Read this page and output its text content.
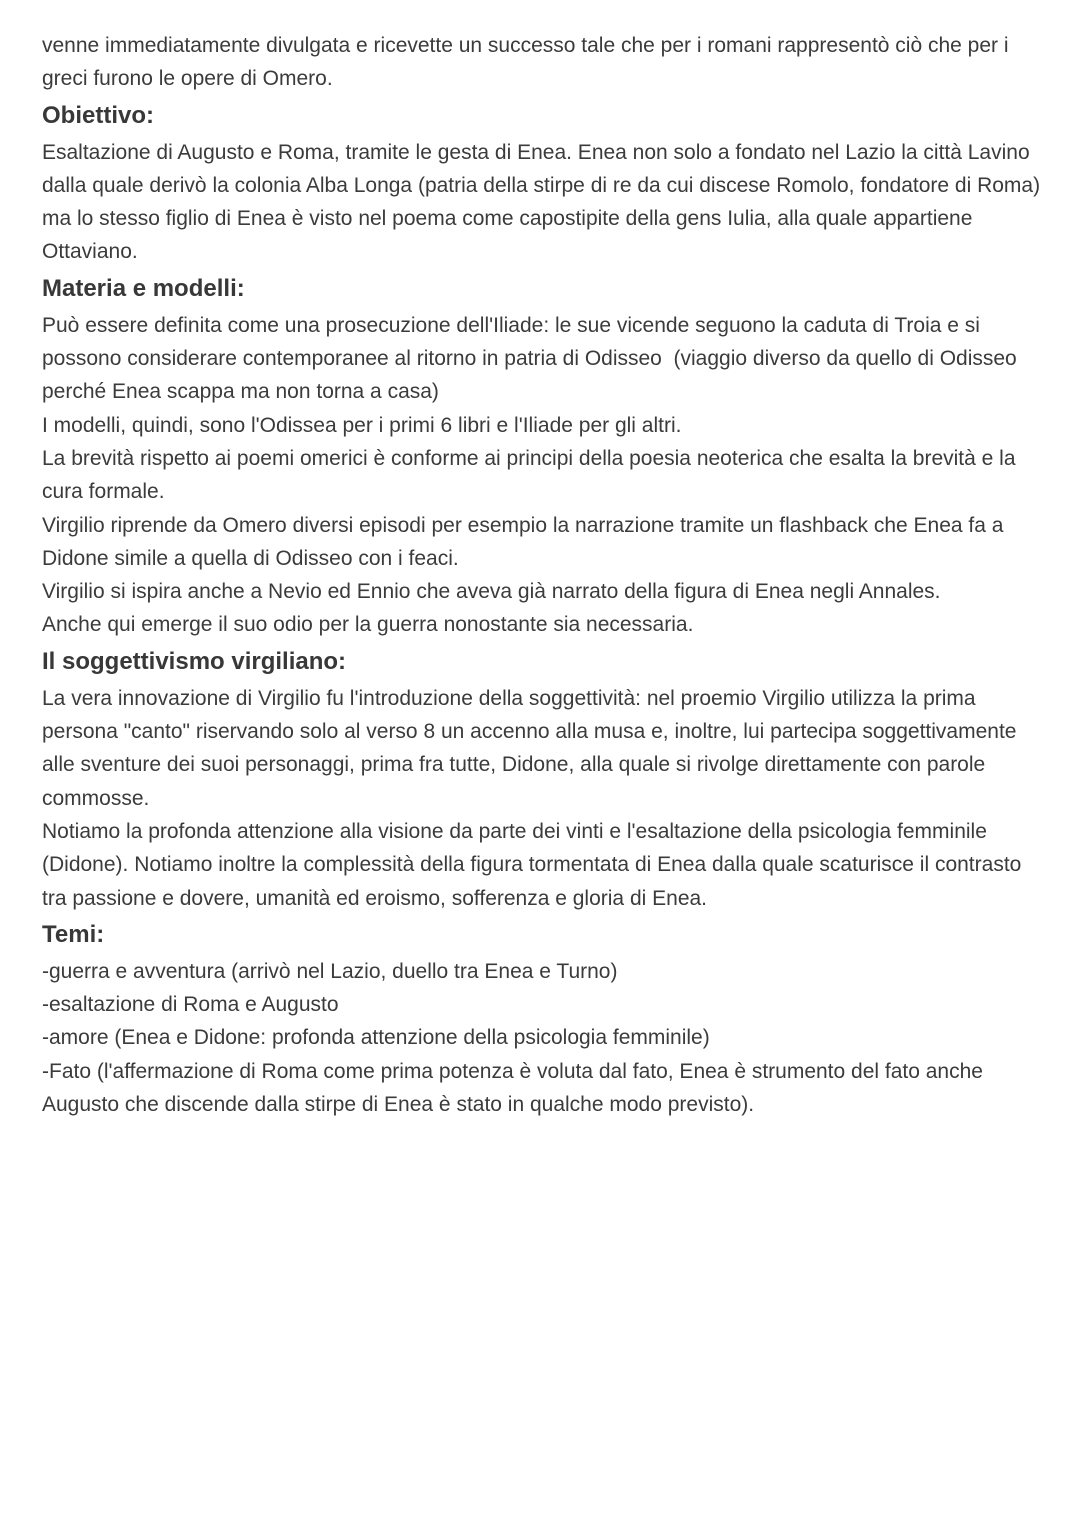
venne immediatamente divulgata e ricevette un successo tale che per i romani rappresentò ciò che per i greci furono le opere di Omero.

Obiettivo:

Esaltazione di Augusto e Roma, tramite le gesta di Enea. Enea non solo a fondato nel Lazio la città Lavino dalla quale derivò la colonia Alba Longa (patria della stirpe di re da cui discese Romolo, fondatore di Roma) ma lo stesso figlio di Enea è visto nel poema come capostipite della gens Iulia, alla quale appartiene Ottaviano.

Materia e modelli:

Può essere definita come una prosecuzione dell'Iliade: le sue vicende seguono la caduta di Troia e si possono considerare contemporanee al ritorno in patria di Odisseo  (viaggio diverso da quello di Odisseo perché Enea scappa ma non torna a casa)

I modelli, quindi, sono l'Odissea per i primi 6 libri e l'Iliade per gli altri.

La brevità rispetto ai poemi omerici è conforme ai principi della poesia neoterica che esalta la brevità e la cura formale.

Virgilio riprende da Omero diversi episodi per esempio la narrazione tramite un flashback che Enea fa a Didone simile a quella di Odisseo con i feaci.

Virgilio si ispira anche a Nevio ed Ennio che aveva già narrato della figura di Enea negli Annales.

Anche qui emerge il suo odio per la guerra nonostante sia necessaria.

Il soggettivismo virgiliano:

La vera innovazione di Virgilio fu l'introduzione della soggettività: nel proemio Virgilio utilizza la prima persona "canto" riservando solo al verso 8 un accenno alla musa e, inoltre, lui partecipa soggettivamente alle sventure dei suoi personaggi, prima fra tutte, Didone, alla quale si rivolge direttamente con parole commosse.

Notiamo la profonda attenzione alla visione da parte dei vinti e l'esaltazione della psicologia femminile (Didone). Notiamo inoltre la complessità della figura tormentata di Enea dalla quale scaturisce il contrasto tra passione e dovere, umanità ed eroismo, sofferenza e gloria di Enea.

Temi:

-guerra e avventura (arrivò nel Lazio, duello tra Enea e Turno)

-esaltazione di Roma e Augusto

-amore (Enea e Didone: profonda attenzione della psicologia femminile)

-Fato (l'affermazione di Roma come prima potenza è voluta dal fato, Enea è strumento del fato anche Augusto che discende dalla stirpe di Enea è stato in qualche modo previsto).
